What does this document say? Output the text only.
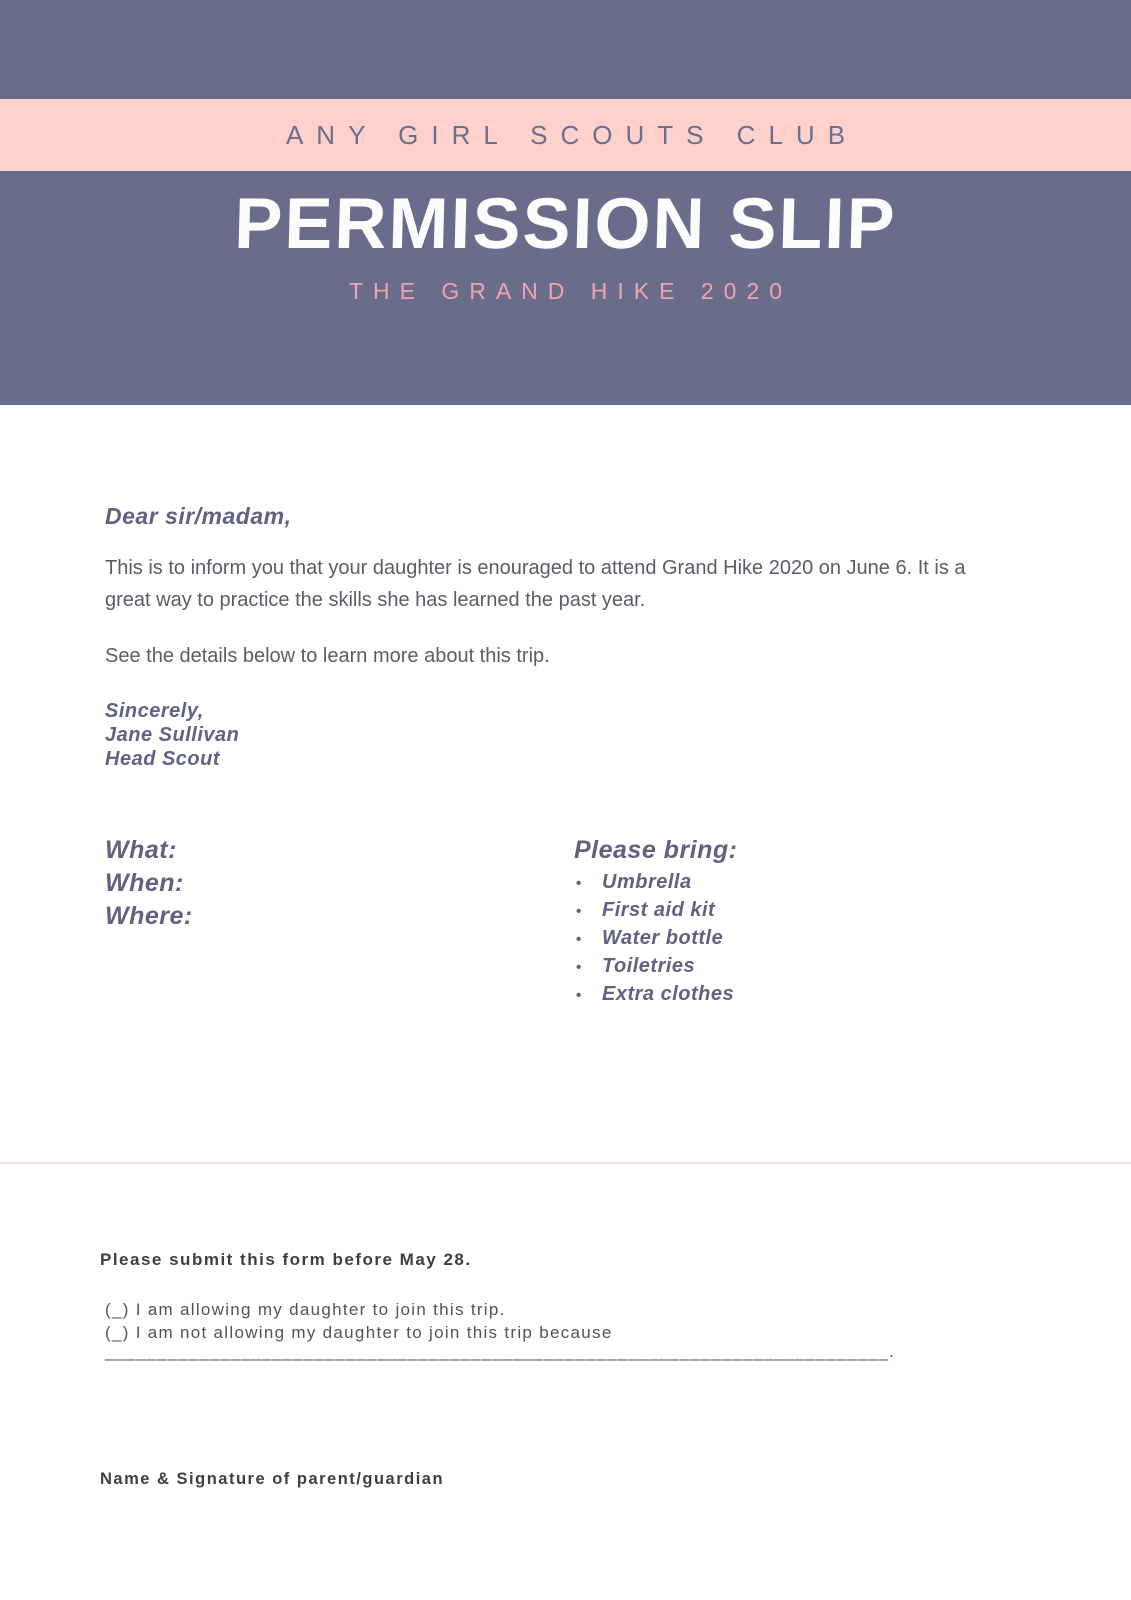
ANY GIRL SCOUTS CLUB
PERMISSION SLIP
THE GRAND HIKE 2020
Dear sir/madam,
This is to inform you that your daughter is enouraged to attend Grand Hike 2020 on June 6. It is a
great way to practice the skills she has learned the past year.
See the details below to learn more about this trip.
Sincerely,
Jane Sullivan
Head Scout
What:
When:
Where:
Please bring:
•	Umbrella
•	First aid kit
•	Water bottle
•	Toiletries
•	Extra clothes
Please submit this form before May 28.
(_) I am allowing my daughter to join this trip.
(_) I am not allowing my daughter to join this trip because
___________________________________________________________________________.
Name & Signature of parent/guardian
